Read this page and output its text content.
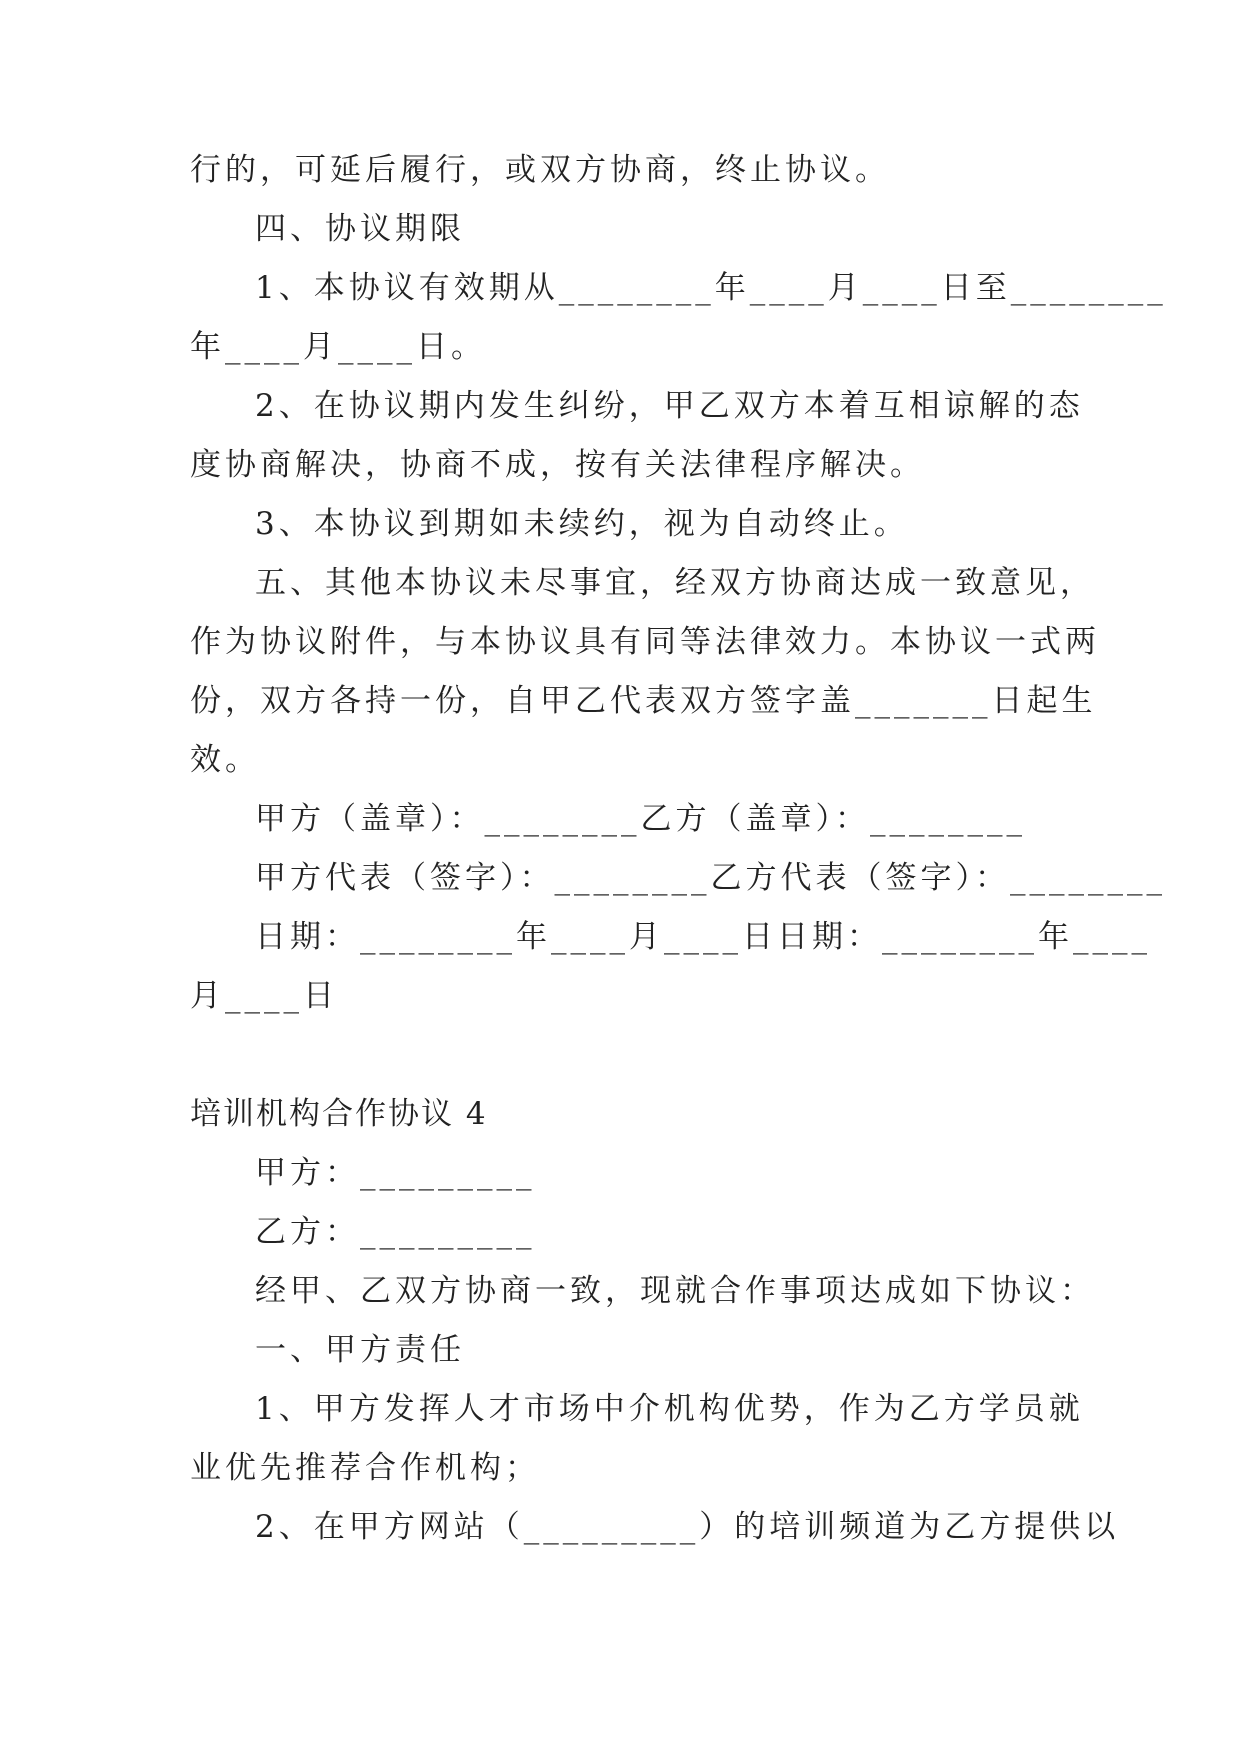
行的，可延后履行，或双方协商，终止协议。
四、协议期限
1、本协议有效期从________年____月____日至________
年____月____日。
2、在协议期内发生纠纷，甲乙双方本着互相谅解的态
度协商解决，协商不成，按有关法律程序解决。
3、本协议到期如未续约，视为自动终止。
五、其他本协议未尽事宜，经双方协商达成一致意见，
作为协议附件，与本协议具有同等法律效力。本协议一式两
份，双方各持一份，自甲乙代表双方签字盖_______日起生
效。
甲方（盖章）：________乙方（盖章）：________
甲方代表（签字）：________乙方代表（签字）：________
日期：________年____月____日日期：________年____
月____日
培训机构合作协议 4
甲方：_________
乙方：_________
经甲、乙双方协商一致，现就合作事项达成如下协议：
一、甲方责任
1、甲方发挥人才市场中介机构优势，作为乙方学员就
业优先推荐合作机构；
2、在甲方网站（_________）的培训频道为乙方提供以
